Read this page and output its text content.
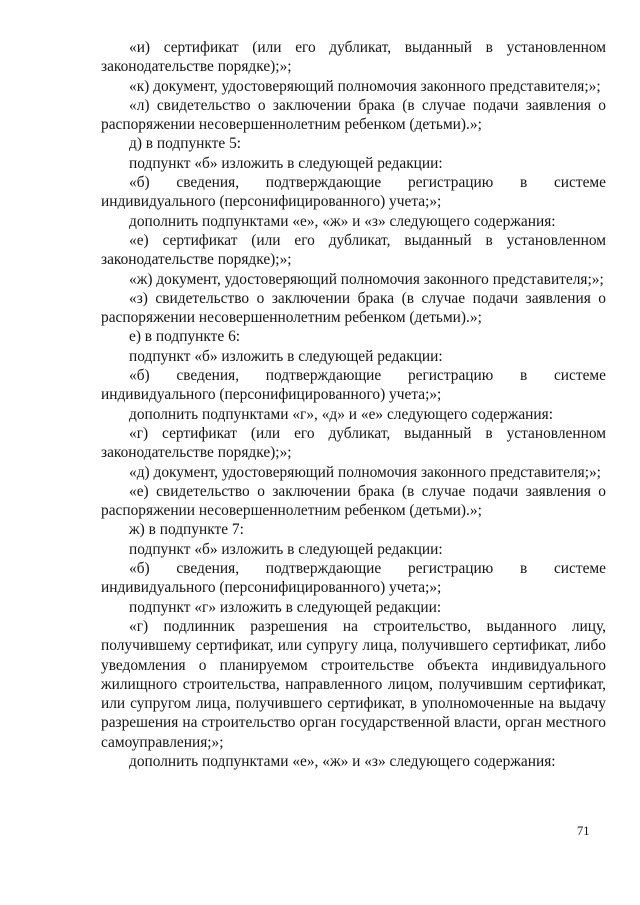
«и) сертификат (или его дубликат, выданный в установленном законодательстве порядке);»;

«к) документ, удостоверяющий полномочия законного представителя;»;

«л) свидетельство о заключении брака (в случае подачи заявления о распоряжении несовершеннолетним ребенком (детьми).»;

д) в подпункте 5:

подпункт «б» изложить в следующей редакции:

«б) сведения, подтверждающие регистрацию в системе индивидуального (персонифицированного) учета;»;

дополнить подпунктами «е», «ж» и «з» следующего содержания:

«е) сертификат (или его дубликат, выданный в установленном законодательстве порядке);»;

«ж) документ, удостоверяющий полномочия законного представителя;»;

«з) свидетельство о заключении брака (в случае подачи заявления о распоряжении несовершеннолетним ребенком (детьми).»;

е) в подпункте 6:

подпункт «б» изложить в следующей редакции:

«б) сведения, подтверждающие регистрацию в системе индивидуального (персонифицированного) учета;»;

дополнить подпунктами «г», «д» и «е» следующего содержания:

«г) сертификат (или его дубликат, выданный в установленном законодательстве порядке);»;

«д) документ, удостоверяющий полномочия законного представителя;»;

«е) свидетельство о заключении брака (в случае подачи заявления о распоряжении несовершеннолетним ребенком (детьми).»;

ж) в подпункте 7:

подпункт «б» изложить в следующей редакции:

«б) сведения, подтверждающие регистрацию в системе индивидуального (персонифицированного) учета;»;

подпункт «г» изложить в следующей редакции:

«г) подлинник разрешения на строительство, выданного лицу, получившему сертификат, или супругу лица, получившего сертификат, либо уведомления о планируемом строительстве объекта индивидуального жилищного строительства, направленного лицом, получившим сертификат, или супругом лица, получившего сертификат, в уполномоченные на выдачу разрешения на строительство орган государственной власти, орган местного самоуправления;»;

дополнить подпунктами «е», «ж» и «з» следующего содержания:

71
